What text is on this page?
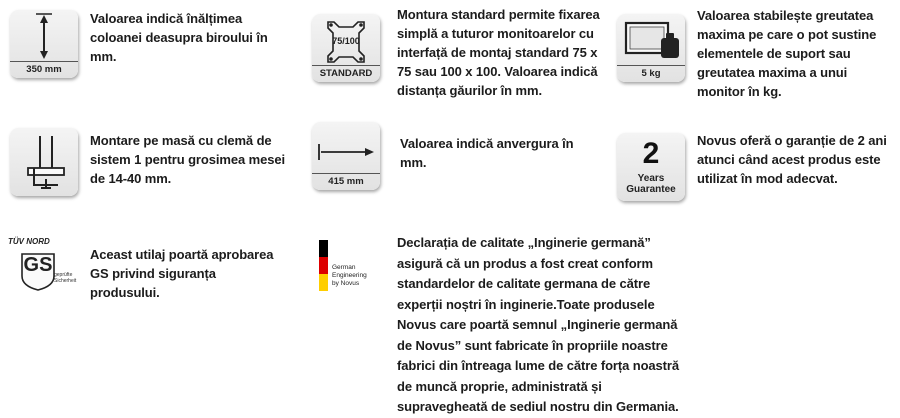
350 mm
Valoarea indică înălțimea coloanei deasupra biroului în mm.
75/100
STANDARD
Montura standard permite fixarea simplă a tuturor monitoarelor cu interfață de montaj standard 75 x 75 sau 100 x 100. Valoarea indică distanța găurilor în mm.
5 kg
Valoarea stabilește greutatea maxima pe care o pot sustine elementele de suport sau greutatea maxima a unui monitor în kg.
Montare pe masă cu clemă de sistem 1 pentru grosimea mesei de 14-40 mm.	415 mm
Valoarea indică anvergura în mm.	2
Years
Guarantee
Novus oferă o garanție de 2 ani atunci când acest produs este utilizat în mod adecvat.
TÜV NORD
GS geprüfte Sicherheit
Aceast utilaj poartă aprobarea GS privind siguranța produsului.
German
Engineering
by Novus
Declarația de calitate „Inginerie germană” asigură că un produs a fost creat conform standardelor de calitate germana de către experții noștri în inginerie.Toate produsele Novus care poartă semnul „Inginerie germană de Novus” sunt fabricate în propriile noastre fabrici din întreaga lume de către forța noastră de muncă proprie, administrată și supravegheată de sediul nostru din Germania.
